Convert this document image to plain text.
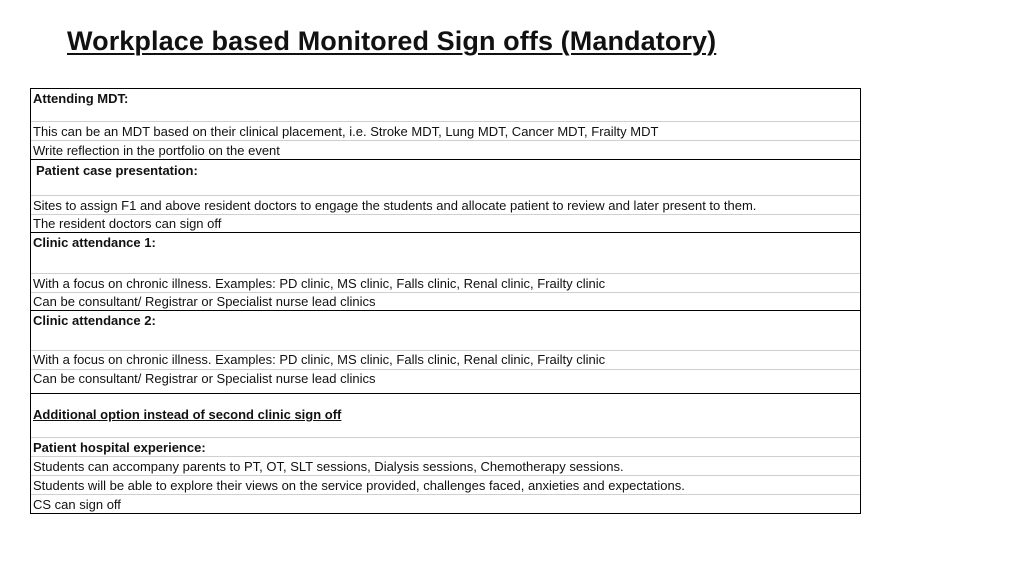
Workplace based Monitored Sign offs (Mandatory)
Attending MDT:
This can be an MDT based on their clinical placement, i.e. Stroke MDT, Lung MDT, Cancer MDT, Frailty MDT
Write reflection in the portfolio on the event
Patient case presentation:
Sites to assign F1 and above resident doctors to engage the students and allocate patient to review and later present to them.
The resident doctors can sign off
Clinic attendance 1:
With a focus on chronic illness. Examples: PD clinic, MS clinic, Falls clinic, Renal clinic, Frailty clinic
Can be consultant/ Registrar or Specialist nurse lead clinics
Clinic attendance 2:
With a focus on chronic illness. Examples: PD clinic, MS clinic, Falls clinic, Renal clinic, Frailty clinic
Can be consultant/ Registrar or Specialist nurse lead clinics
Additional option instead of second clinic sign off
Patient hospital experience:
Students can accompany parents to PT, OT, SLT sessions, Dialysis sessions, Chemotherapy sessions.
Students will be able to explore their views on the service provided, challenges faced, anxieties and expectations.
CS can sign off
